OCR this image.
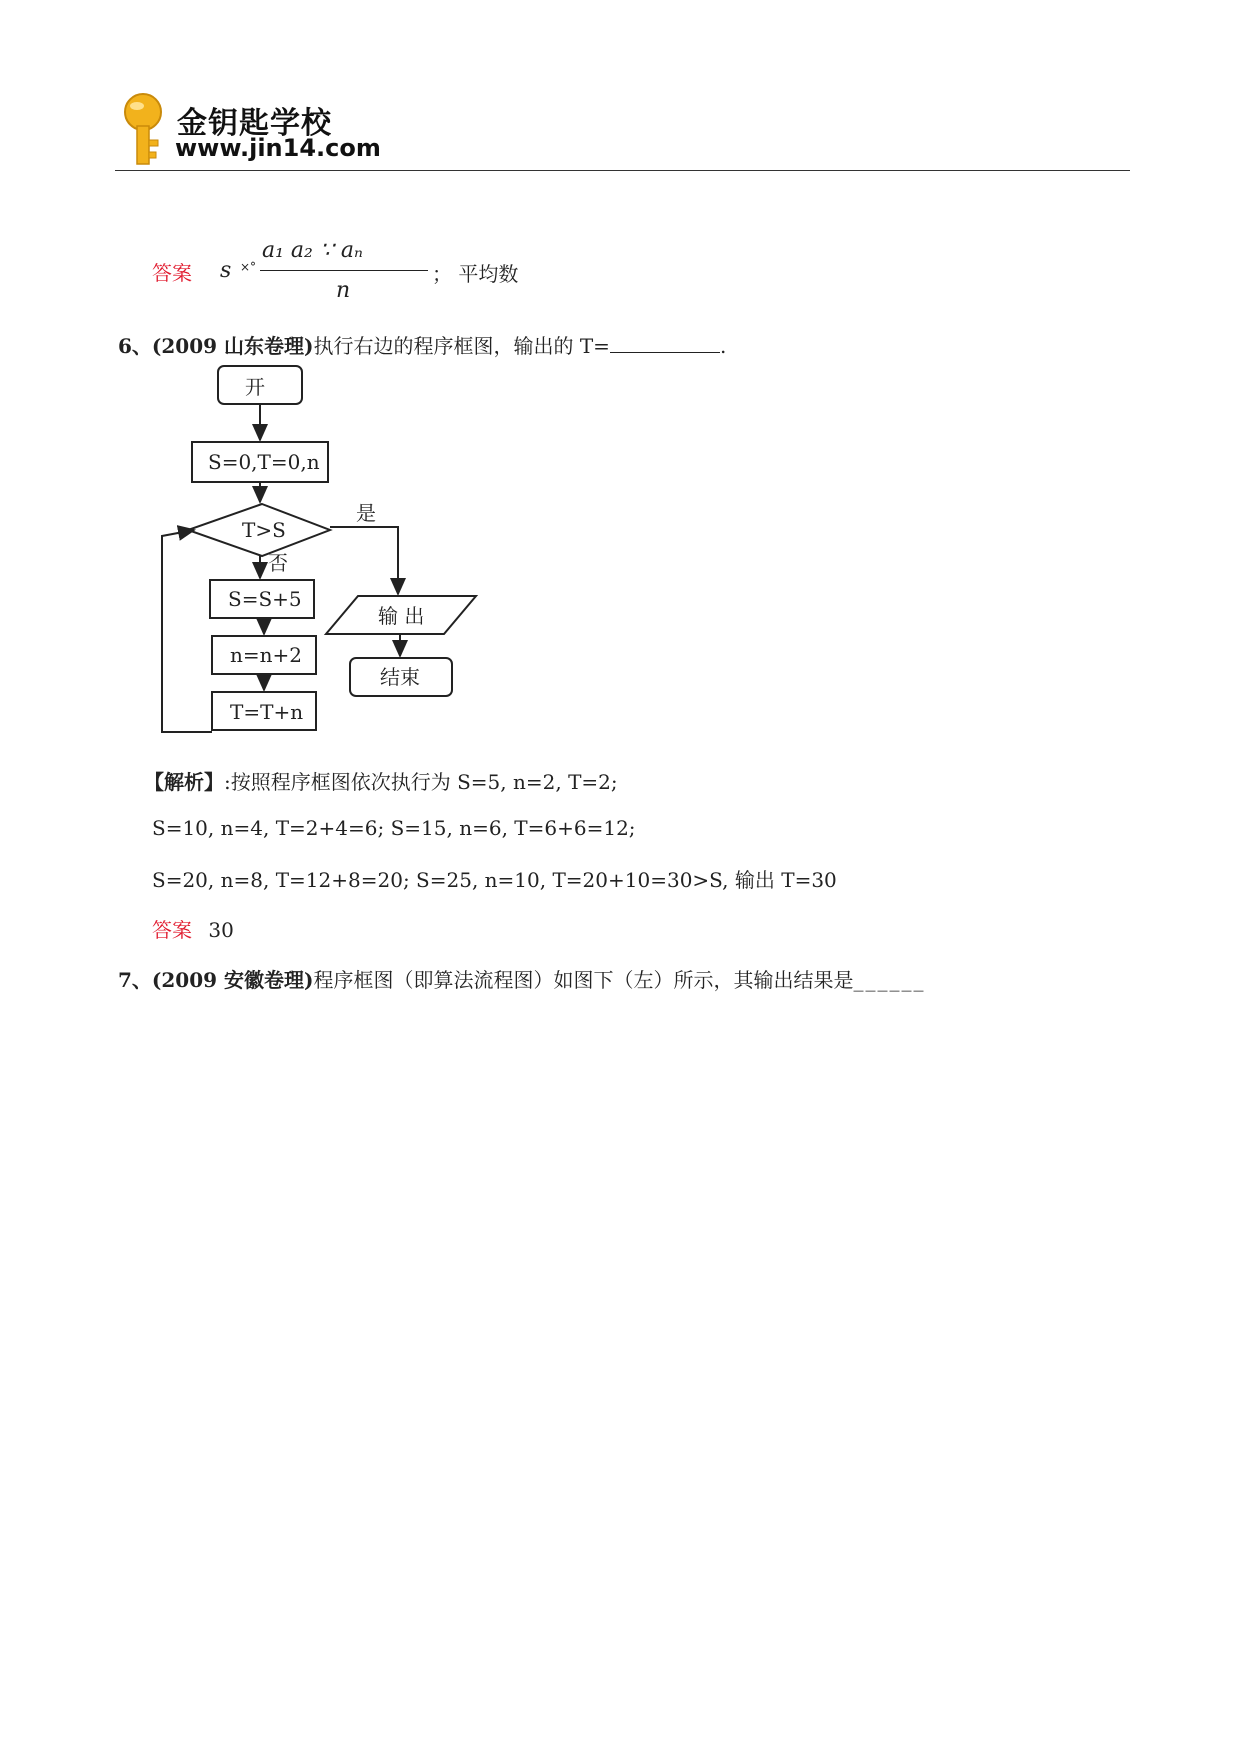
金钥匙学校
www.jin14.com
答案 s ×°
a₁ a₂ ∵ aₙ
n
； 平均数
6、(2009 山东卷理)执行右边的程序框图，输出的 T=	.
开
S=0,T=0,n
T>S
是
否
S=S+5
n=n+2
T=T+n
输 出
结束
【解析】:按照程序框图依次执行为 S=5, n=2, T=2;
S=10, n=4, T=2+4=6; S=15, n=6, T=6+6=12;
S=20, n=8, T=12+8=20; S=25, n=10, T=20+10=30>S, 输出 T=30
答案 30
7、(2009 安徽卷理)程序框图（即算法流程图）如图下（左）所示，其输出结果是______
